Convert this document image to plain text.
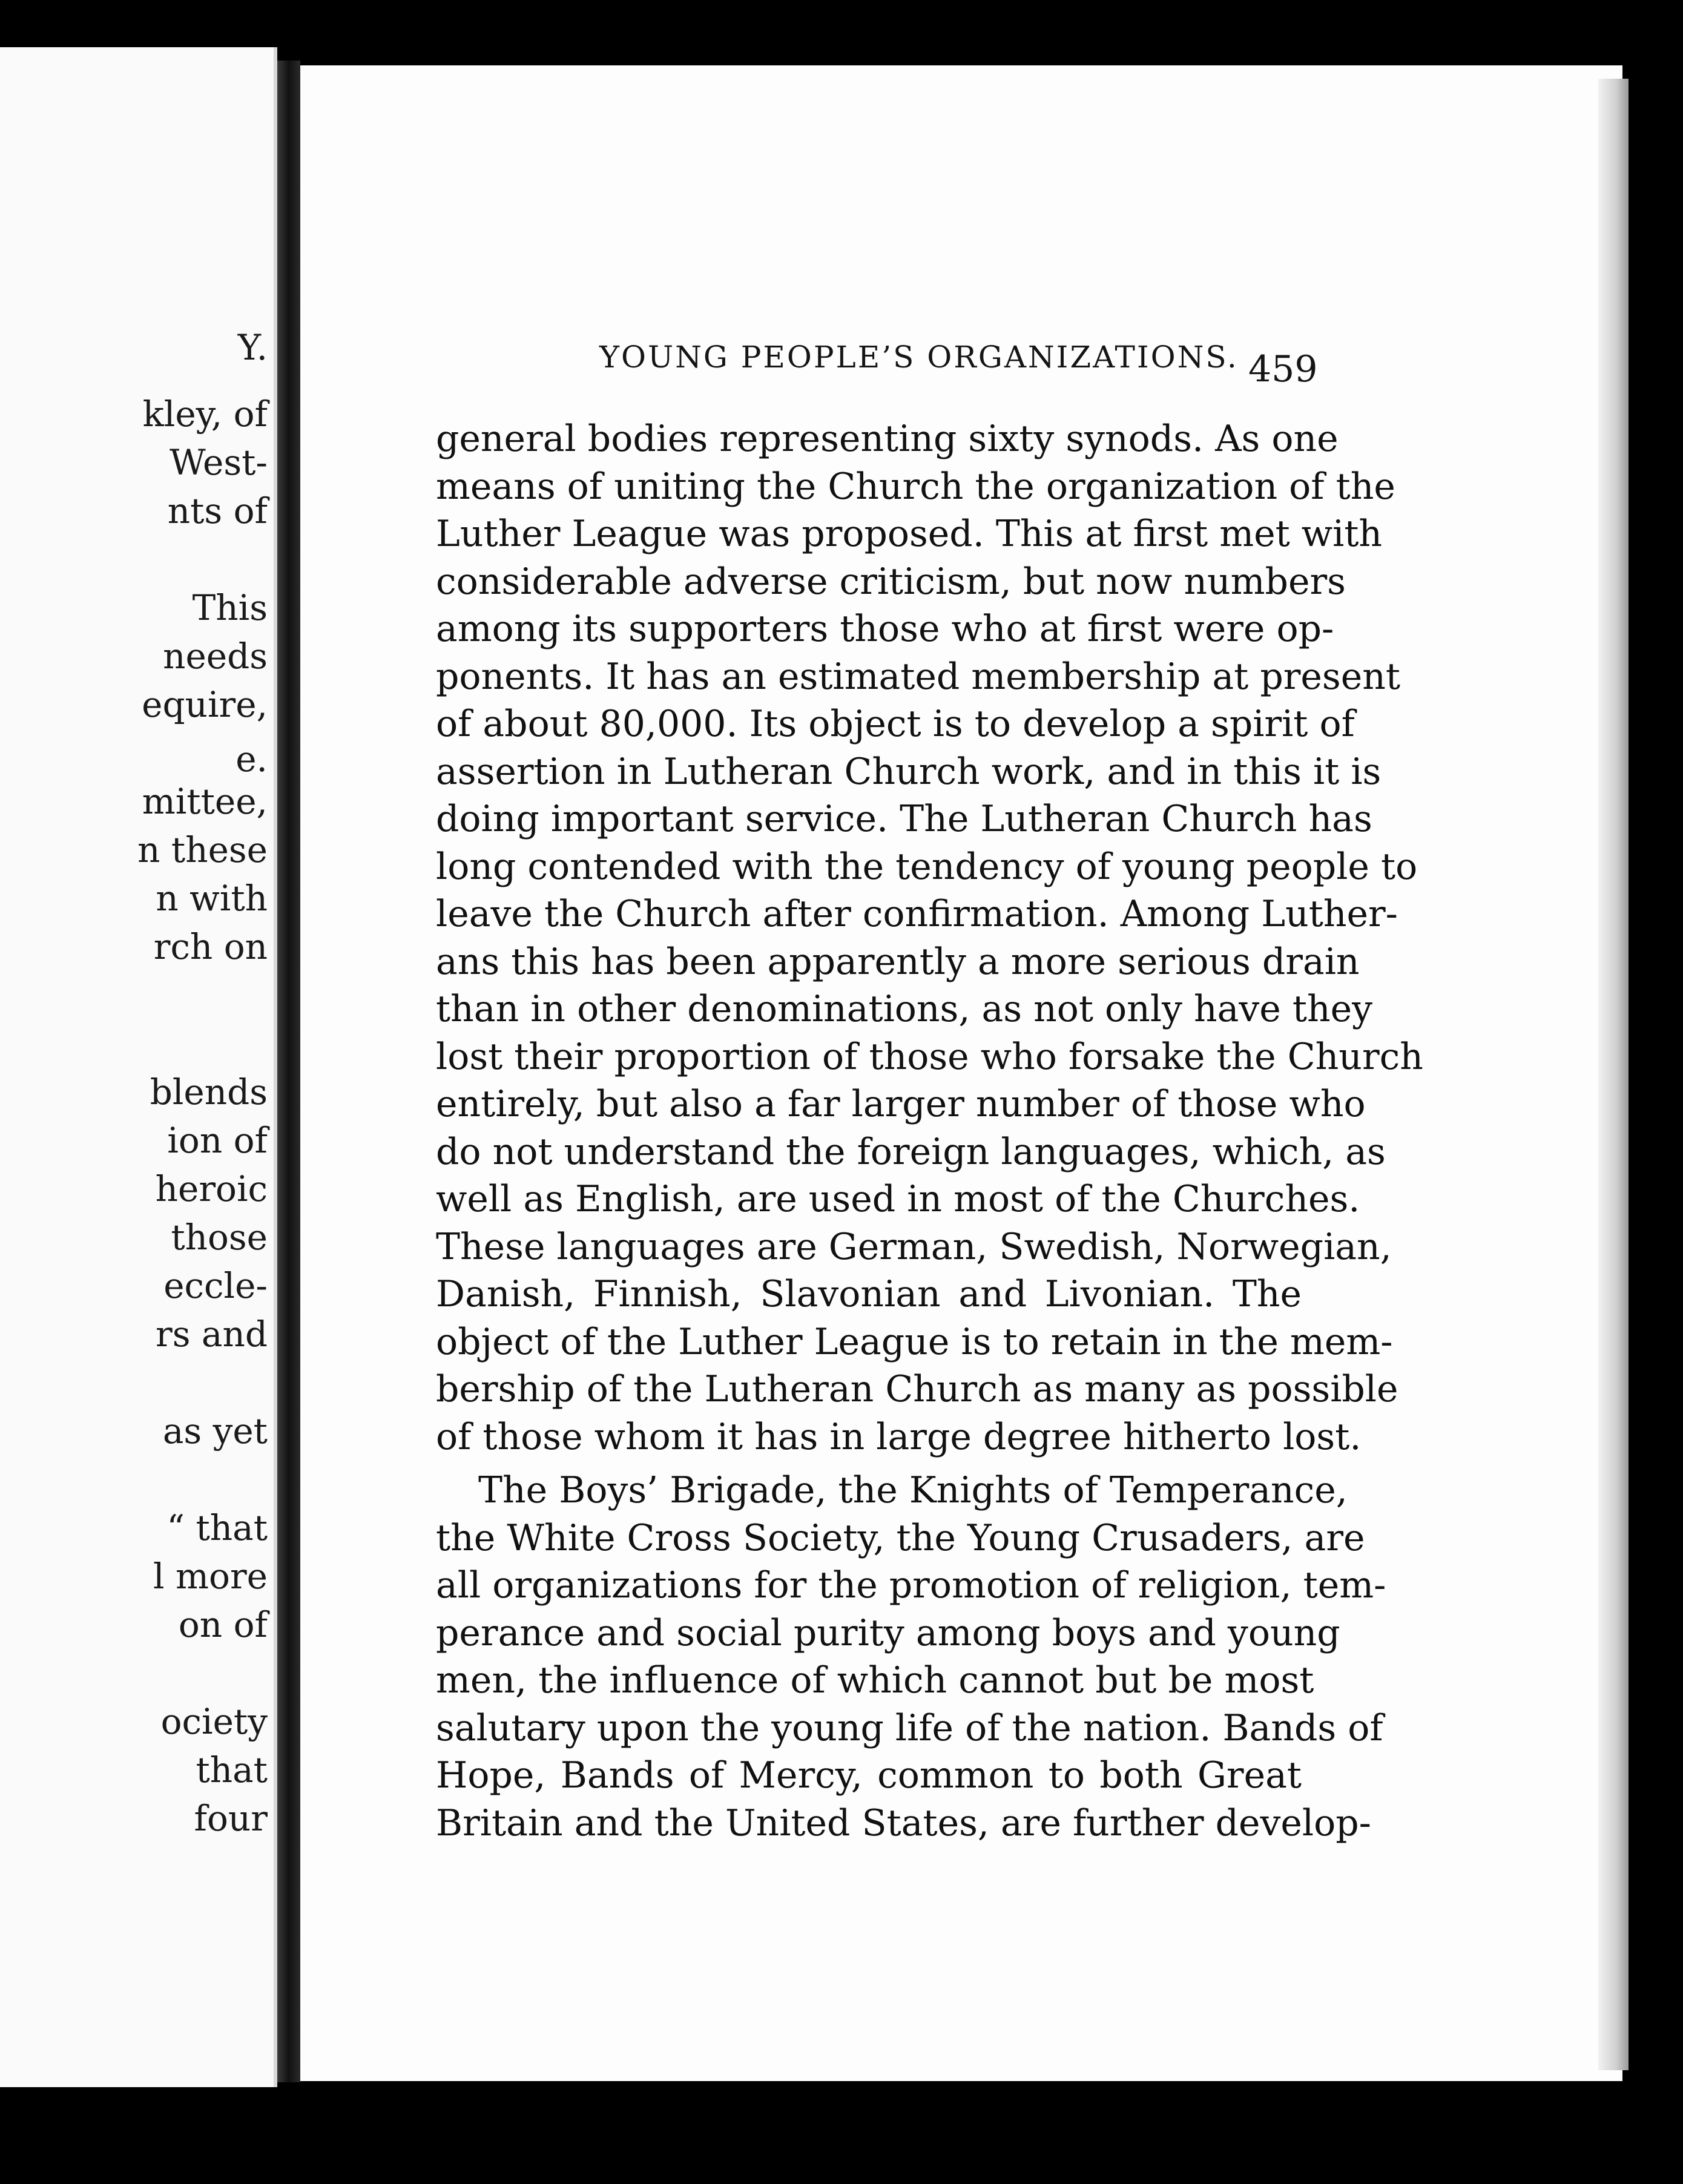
Y.
kley, of
West-
nts of
This
needs
equire,
e.
mittee,
n these
n with
rch on
blends
ion of
heroic
those
eccle-
rs and
as yet
“ that
l more
on of
ociety
that
four
YOUNG PEOPLE’S ORGANIZATIONS. 459
general bodies representing sixty synods. As one
means of uniting the Church the organization of the
Luther League was proposed. This at first met with
considerable adverse criticism, but now numbers
among its supporters those who at first were op-
ponents. It has an estimated membership at present
of about 80,000. Its object is to develop a spirit of
assertion in Lutheran Church work, and in this it is
doing important service. The Lutheran Church has
long contended with the tendency of young people to
leave the Church after confirmation. Among Luther-
ans this has been apparently a more serious drain
than in other denominations, as not only have they
lost their proportion of those who forsake the Church
entirely, but also a far larger number of those who
do not understand the foreign languages, which, as
well as English, are used in most of the Churches.
These languages are German, Swedish, Norwegian,
Danish, Finnish, Slavonian and Livonian. The
object of the Luther League is to retain in the mem-
bership of the Lutheran Church as many as possible
of those whom it has in large degree hitherto lost.
The Boys’ Brigade, the Knights of Temperance,
the White Cross Society, the Young Crusaders, are
all organizations for the promotion of religion, tem-
perance and social purity among boys and young
men, the influence of which cannot but be most
salutary upon the young life of the nation. Bands of
Hope, Bands of Mercy, common to both Great
Britain and the United States, are further develop-
